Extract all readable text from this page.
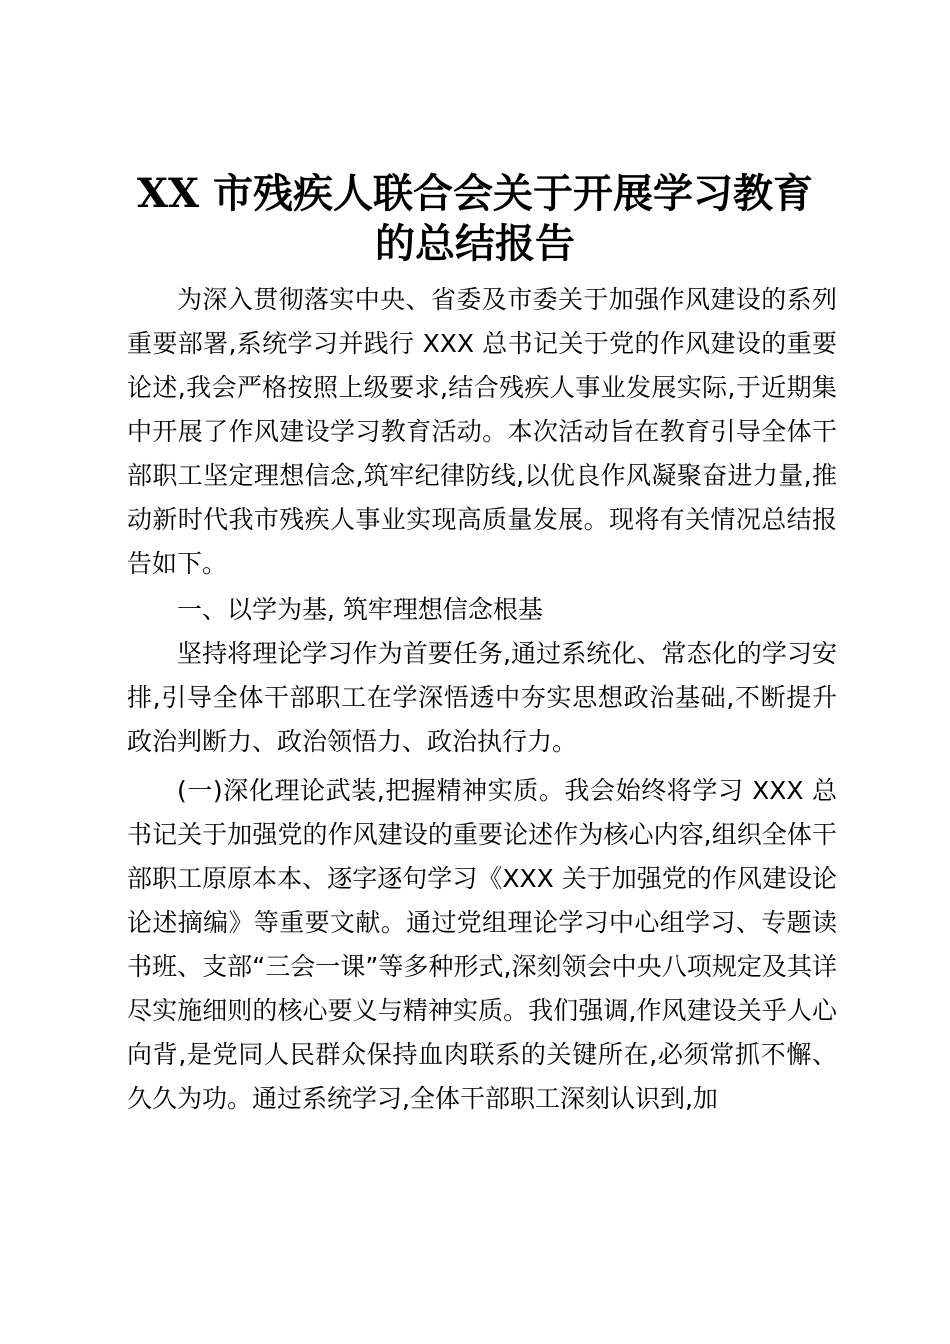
XX 市残疾人联合会关于开展学习教育
的总结报告
为深入贯彻落实中央、省委及市委关于加强作风建设的系列重要部署,系统学习并践行 XXX 总书记关于党的作风建设的重要论述,我会严格按照上级要求,结合残疾人事业发展实际,于近期集中开展了作风建设学习教育活动。本次活动旨在教育引导全体干部职工坚定理想信念,筑牢纪律防线,以优良作风凝聚奋进力量,推动新时代我市残疾人事业实现高质量发展。现将有关情况总结报告如下。
一、以学为基, 筑牢理想信念根基
坚持将理论学习作为首要任务,通过系统化、常态化的学习安排,引导全体干部职工在学深悟透中夯实思想政治基础,不断提升政治判断力、政治领悟力、政治执行力。
(一)深化理论武装,把握精神实质。我会始终将学习 XXX 总书记关于加强党的作风建设的重要论述作为核心内容,组织全体干部职工原原本本、逐字逐句学习《XXX 关于加强党的作风建设论论述摘编》等重要文献。通过党组理论学习中心组学习、专题读书班、支部“三会一课”等多种形式,深刻领会中央八项规定及其详尽实施细则的核心要义与精神实质。我们强调,作风建设关乎人心向背,是党同人民群众保持血肉联系的关键所在,必须常抓不懈、久久为功。通过系统学习,全体干部职工深刻认识到,加
